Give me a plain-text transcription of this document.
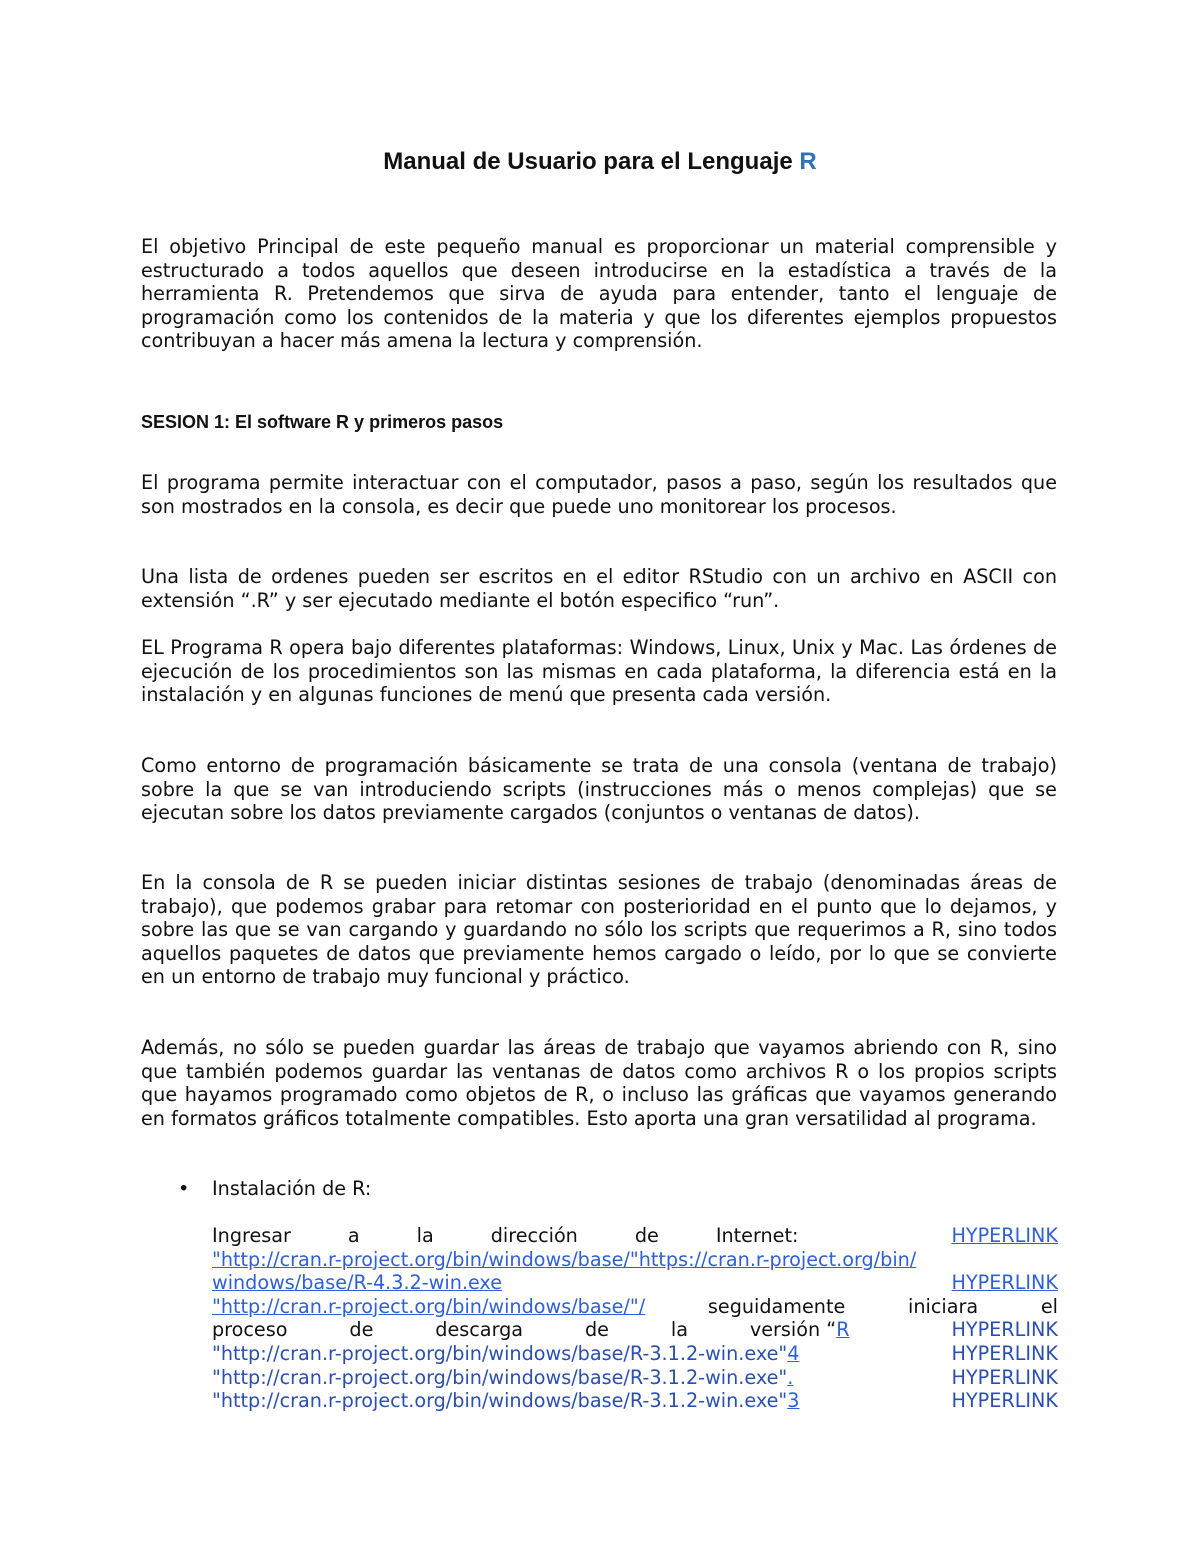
Manual de Usuario para el Lenguaje R

El objetivo Principal de este pequeño manual es proporcionar un material comprensible y estructurado a todos aquellos que deseen introducirse en la estadística a través de la herramienta R. Pretendemos que sirva de ayuda para entender, tanto el lenguaje de programación como los contenidos de la materia y que los diferentes ejemplos propuestos contribuyan a hacer más amena la lectura y comprensión.

SESION 1: El software R y primeros pasos

El programa permite interactuar con el computador, pasos a paso, según los resultados que son mostrados en la consola, es decir que puede uno monitorear los procesos.

Una lista de ordenes pueden ser escritos en el editor RStudio con un archivo en ASCII con extensión “.R” y ser ejecutado mediante el botón especifico “run”.

EL Programa R opera bajo diferentes plataformas: Windows, Linux, Unix y Mac. Las órdenes de ejecución de los procedimientos son las mismas en cada plataforma, la diferencia está en la instalación y en algunas funciones de menú que presenta cada versión.

Como entorno de programación básicamente se trata de una consola (ventana de trabajo) sobre la que se van introduciendo scripts (instrucciones más o menos complejas) que se ejecutan sobre los datos previamente cargados (conjuntos o ventanas de datos).

En la consola de R se pueden iniciar distintas sesiones de trabajo (denominadas áreas de trabajo), que podemos grabar para retomar con posterioridad en el punto que lo dejamos, y sobre las que se van cargando y guardando no sólo los scripts que requerimos a R, sino todos aquellos paquetes de datos que previamente hemos cargado o leído, por lo que se convierte en un entorno de trabajo muy funcional y práctico.

Además, no sólo se pueden guardar las áreas de trabajo que vayamos abriendo con R, sino que también podemos guardar las ventanas de datos como archivos R o los propios scripts que hayamos programado como objetos de R, o incluso las gráficas que vayamos generando en formatos gráficos totalmente compatibles. Esto aporta una gran versatilidad al programa.

• Instalación de R:
Ingresar	a	la	dirección	de	Internet:	HYPERLINK
"http://cran.r-project.org/bin/windows/base/"https://cran.r-project.org/bin/
windows/base/R-4.3.2-win.exe	HYPERLINK
"http://cran.r-project.org/bin/windows/base/"/	seguidamente	iniciara	el
proceso	de	descarga	de	la	versión “R	HYPERLINK
"http://cran.r-project.org/bin/windows/base/R-3.1.2-win.exe"4	HYPERLINK
"http://cran.r-project.org/bin/windows/base/R-3.1.2-win.exe".	HYPERLINK
"http://cran.r-project.org/bin/windows/base/R-3.1.2-win.exe"3	HYPERLINK
